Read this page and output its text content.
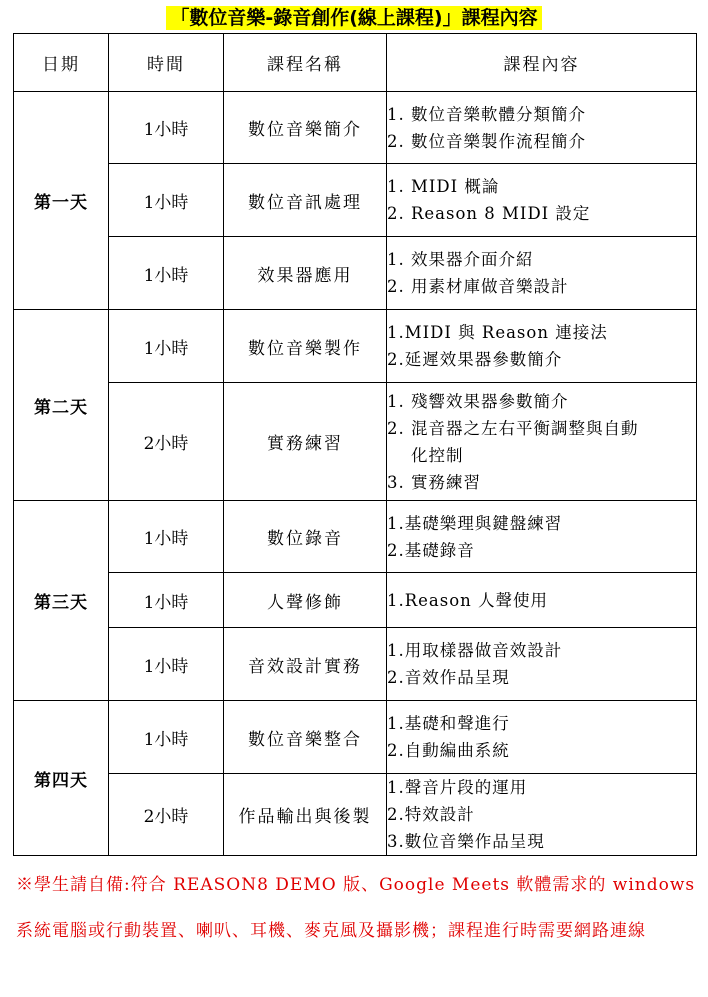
「數位音樂-錄音創作(線上課程)」課程內容
日期	時間	課程名稱	課程內容
第一天	1小時	數位音樂簡介	1. 數位音樂軟體分類簡介
2. 數位音樂製作流程簡介

	1小時	數位音訊處理	1. MIDI 概論
2. Reason 8 MIDI 設定

	1小時	效果器應用	1. 效果器介面介紹
2. 用素材庫做音樂設計

第二天	1小時	數位音樂製作	1.MIDI 與 Reason 連接法
2.延遲效果器參數簡介

	2小時	實務練習	1. 殘響效果器參數簡介
2. 混音器之左右平衡調整與自動
化控制
3. 實務練習

第三天	1小時	數位錄音	1.基礎樂理與鍵盤練習
2.基礎錄音

	1小時	人聲修飾	1.Reason 人聲使用

	1小時	音效設計實務	1.用取樣器做音效設計
2.音效作品呈現

第四天	1小時	數位音樂整合	1.基礎和聲進行
2.自動編曲系統

	2小時	作品輸出與後製	1.聲音片段的運用
2.特效設計
3.數位音樂作品呈現
※學生請自備:符合 REASON8 DEMO 版、Google Meets 軟體需求的 windows 系統電腦或行動裝置、喇叭、耳機、麥克風及攝影機；課程進行時需要網路連線
